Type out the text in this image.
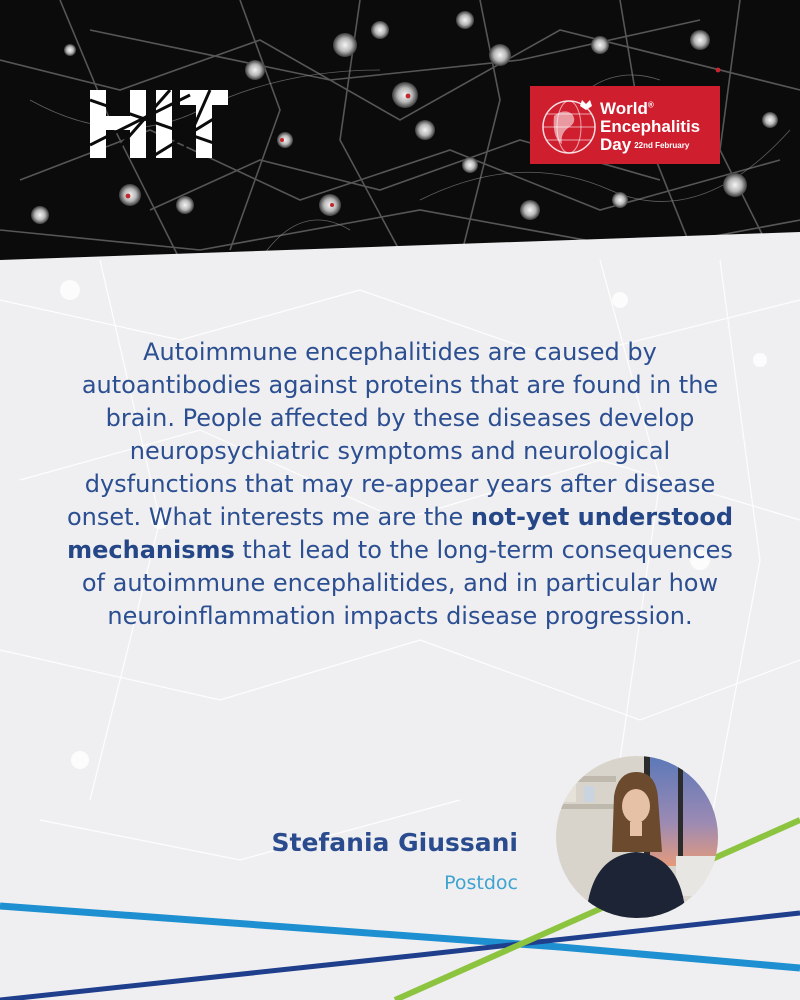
World®
Encephalitis
Day 22nd February

Autoimmune encephalitides are caused by autoantibodies against proteins that are found in the brain. People affected by these diseases develop neuropsychiatric symptoms and neurological dysfunctions that may re-appear years after disease onset. What interests me are the not-yet understood mechanisms that lead to the long-term consequences of autoimmune encephalitides, and in particular how neuroinflammation impacts disease progression.

Stefania Giussani
Postdoc
